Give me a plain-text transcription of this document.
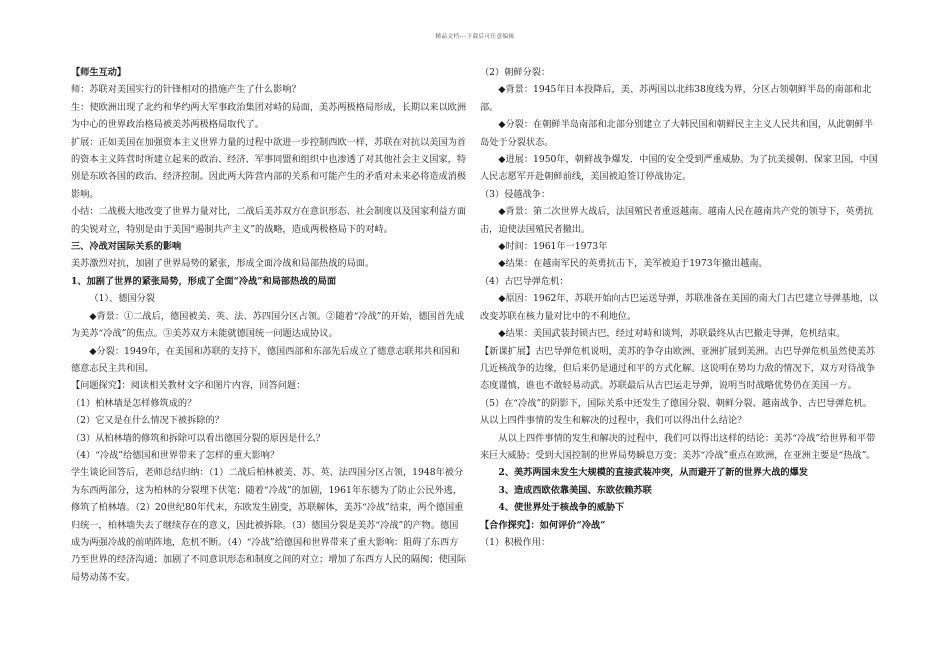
精品文档---下载后可任意编辑

【师生互动】

师：苏联对美国实行的针锋相对的措施产生了什么影响？

生：使欧洲出现了北约和华约两大军事政治集团对峙的局面，美苏两极格局形成，长期以来以欧洲为中心的世界政治格局被美苏两极格局取代了。

扩展：正如美国在加强资本主义世界力量的过程中欲进一步控制西欧一样，苏联在对抗以美国为首的资本主义阵营时所建立起来的政治、经济、军事同盟和组织中也渗透了对其他社会主义国家，特别是东欧各国的政治、经济控制。因此两大阵营内部的关系和可能产生的矛盾对未来必将造成消极影响。

小结：二战极大地改变了世界力量对比，二战后美苏双方在意识形态、社会制度以及国家利益方面的尖锐对立，特别是由于美国“遏制共产主义”的战略，造成两极格局下的对峙。

三、冷战对国际关系的影响

美苏激烈对抗，加剧了世界局势的紧张，形成全面冷战和局部热战的局面。

1、加剧了世界的紧张局势，形成了全面“冷战”和局部热战的局面

（1）、德国分裂

◆背景：①二战后，德国被美、英、法、苏四国分区占领。②随着“冷战”的开始，德国首先成为美苏“冷战”的焦点。③美苏双方未能就德国统一问题达成协议。

◆分裂：1949年，在美国和苏联的支持下，德国西部和东部先后成立了德意志联邦共和国和德意志民主共和国。

【问题探究】：阅读相关教材文字和图片内容，回答问题：

（1）柏林墙是怎样修筑成的？

（2）它又是在什么情况下被拆除的？

（3）从柏林墙的修筑和拆除可以看出德国分裂的原因是什么？

（4）“冷战”给德国和世界带来了怎样的重大影响？

学生谈论回答后，老师总结归纳：（1）二战后柏林被美、苏、英、法四国分区占领，1948年被分为东西两部分，这为柏林的分裂埋下伏笔；随着“冷战”的加剧，1961年东德为了防止公民外逃，修筑了柏林墙。（2）20世纪80年代末，东欧发生剧变，苏联解体，美苏“冷战”结束，两个德国重归统一，柏林墙失去了继续存在的意义，因此被拆除。（3）德国分裂是美苏“冷战”的产物。德国成为两强冷战的前哨阵地，危机不断。（4）“冷战”给德国和世界带来了重大影响：阻碍了东西方乃至世界的经济沟通；加剧了不同意识形态和制度之间的对立；增加了东西方人民的隔阂；使国际局势动荡不安。

（2）朝鲜分裂：

◆背景：1945年日本投降后，美、苏两国以北纬38度线为界，分区占领朝鲜半岛的南部和北部。

◆分裂：在朝鲜半岛南部和北部分别建立了大韩民国和朝鲜民主主义人民共和国，从此朝鲜半岛处于分裂状态。

◆进展：1950年，朝鲜战争爆发．中国的安全受到严重威胁。为了抗美援朝、保家卫国，中国人民志愿军开赴朝鲜前线，美国被迫签订停战协定。

（3）侵越战争：

◆背景：第二次世界大战后，法国殖民者重返越南。越南人民在越南共产党的领导下，英勇抗击，迫使法国殖民者撤出。

◆时间：1961年一1973年

◆结果：在越南军民的英勇抗击下，美军被迫于1973年撤出越南。

（4）古巴导弹危机：

◆原因：1962年，苏联开始向古巴运送导弹，苏联准备在美国的南大门古巴建立导弹基地，以改变苏联在核力量对比中的不利地位。

◆结果：美国武装封锁古巴，经过对峙和谈判，苏联最终从古巴撤走导弹，危机结束。

【新课扩展】古巴导弹危机说明，美苏的争夺由欧洲、亚洲扩展到美洲。古巴导弹危机虽然使美苏几近核战争的边缘，但后来仍是通过和平的方式化解。这说明在势均力敌的情况下，双方对待战争态度谨慎，谁也不敢轻易动武。苏联最后从古巴运走导弹，说明当时战略优势仍在美国一方。

（5）在“冷战”的阴影下，国际关系中还发生了德国分裂、朝鲜分裂、越南战争、古巴导弹危机。从以上四件事情的发生和解决的过程中，我们可以得出什么结论？

从以上四件事情的发生和解决的过程中，我们可以得出这样的结论：美苏“冷战”给世界和平带来巨大威胁；受到大国控制的世界局势瞬息万变；美苏“冷战”重点在欧洲，在亚洲主要是“热战”。

2、美苏两国未发生大规模的直接武装冲突，从而避开了新的世界大战的爆发

3、造成西欧依靠美国、东欧依赖苏联

4、使世界处于核战争的威胁下

【合作探究】：如何评价“冷战”

（1）积极作用：
